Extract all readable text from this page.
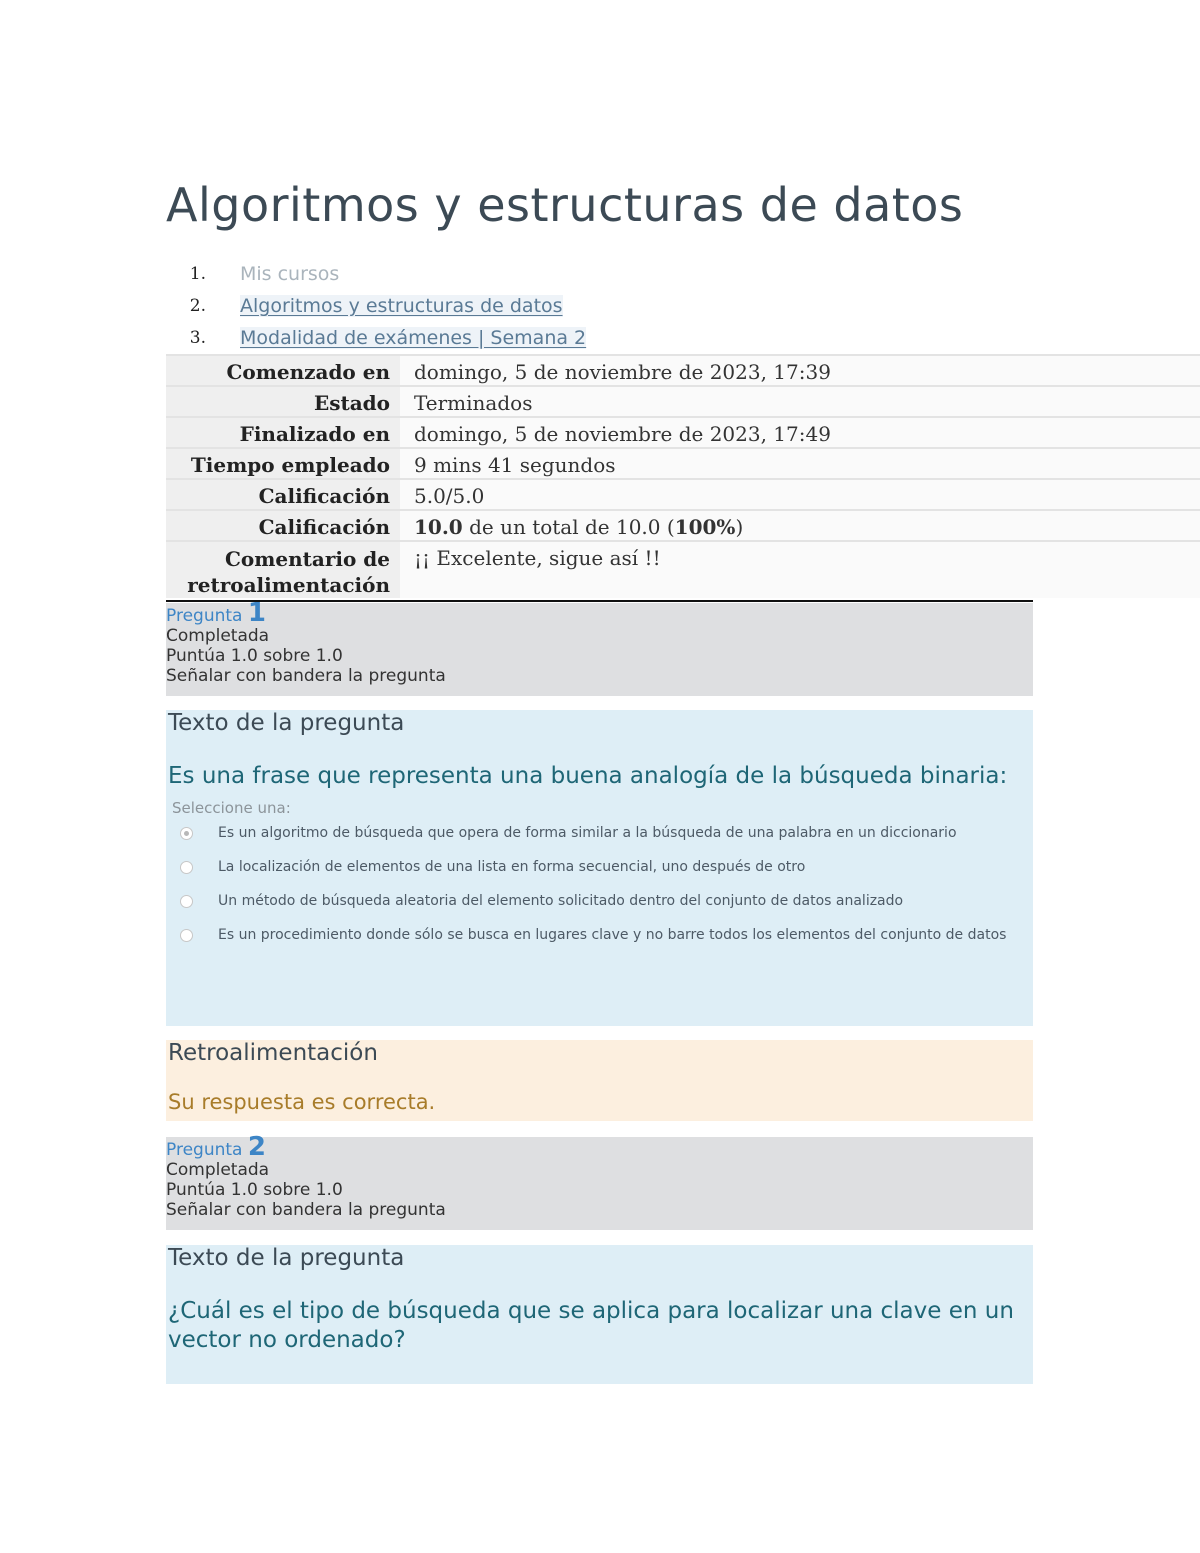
Algoritmos y estructuras de datos
1. Mis cursos
2. Algoritmos y estructuras de datos
3. Modalidad de exámenes | Semana 2
Comenzado en	domingo, 5 de noviembre de 2023, 17:39
Estado	Terminados
Finalizado en	domingo, 5 de noviembre de 2023, 17:49
Tiempo empleado	9 mins 41 segundos
Calificación	5.0/5.0
Calificación	10.0 de un total de 10.0 (100%)
Comentario de
retroalimentación	¡¡ Excelente, sigue así !!
Pregunta 1
Completada
Puntúa 1.0 sobre 1.0
Señalar con bandera la pregunta
Texto de la pregunta

Es una frase que representa una buena analogía de la búsqueda binaria:

Seleccione una:

Es un algoritmo de búsqueda que opera de forma similar a la búsqueda de una palabra en un diccionario
La localización de elementos de una lista en forma secuencial, uno después de otro
Un método de búsqueda aleatoria del elemento solicitado dentro del conjunto de datos analizado
Es un procedimiento donde sólo se busca en lugares clave y no barre todos los elementos del conjunto de datos
Retroalimentación

Su respuesta es correcta.

Pregunta 2
Completada
Puntúa 1.0 sobre 1.0
Señalar con bandera la pregunta
Texto de la pregunta

¿Cuál es el tipo de búsqueda que se aplica para localizar una clave en un vector no ordenado?
